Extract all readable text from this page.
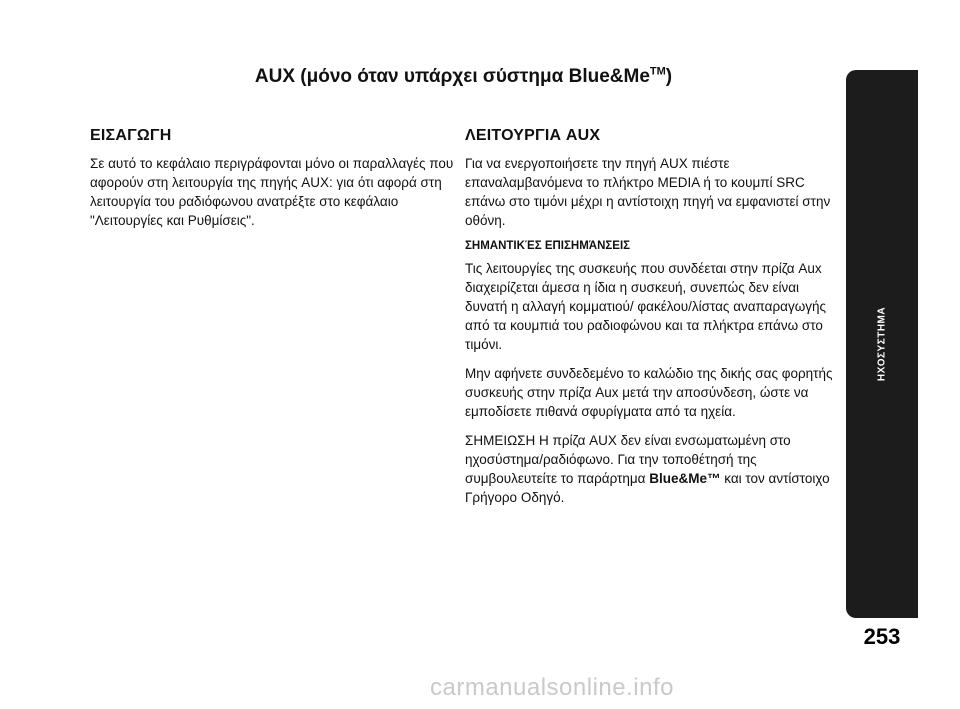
AUX (μόνο όταν υπάρχει σύστημα Blue&Me™)
ΕΙΣΑΓΩΓΗ

Σε αυτό το κεφάλαιο περιγράφονται μόνο οι παραλλαγές που αφορούν στη λειτουργία της πηγής AUX: για ότι αφορά στη λειτουργία του ραδιόφωνου ανατρέξτε στο κεφάλαιο "Λειτουργίες και Ρυθμίσεις".

ΛΕΙΤΟΥΡΓΙΑ AUX

Για να ενεργοποιήσετε την πηγή AUX πιέστε επαναλαμβανόμενα το πλήκτρο MEDIA ή το κουμπί SRC επάνω στο τιμόνι μέχρι η αντίστοιχη πηγή να εμφανιστεί στην οθόνη.

ΣΗΜΑΝΤΙΚΈΣ ΕΠΙΣΗΜΆΝΣΕΙΣ

Τις λειτουργίες της συσκευής που συνδέεται στην πρίζα Aux διαχειρίζεται άμεσα η ίδια η συσκευή, συνεπώς δεν είναι δυνατή η αλλαγή κομματιού/ φακέλου/λίστας αναπαραγωγής από τα κουμπιά του ραδιοφώνου και τα πλήκτρα επάνω στο τιμόνι.

Μην αφήνετε συνδεδεμένο το καλώδιο της δικής σας φορητής συσκευής στην πρίζα Aux μετά την αποσύνδεση, ώστε να εμποδίσετε πιθανά σφυρίγματα από τα ηχεία.

ΣΗΜΕΙΩΣΗ Η πρίζα AUX δεν είναι ενσωματωμένη στο ηχοσύστημα/ραδιόφωνο. Για την τοποθέτησή της συμβουλευτείτε το παράρτημα Blue&Me™ και τον αντίστοιχο Γρήγορο Οδηγό.

ΗΧΟΣΥΣΤΗΜΑ
253
carmanualsonline.info
